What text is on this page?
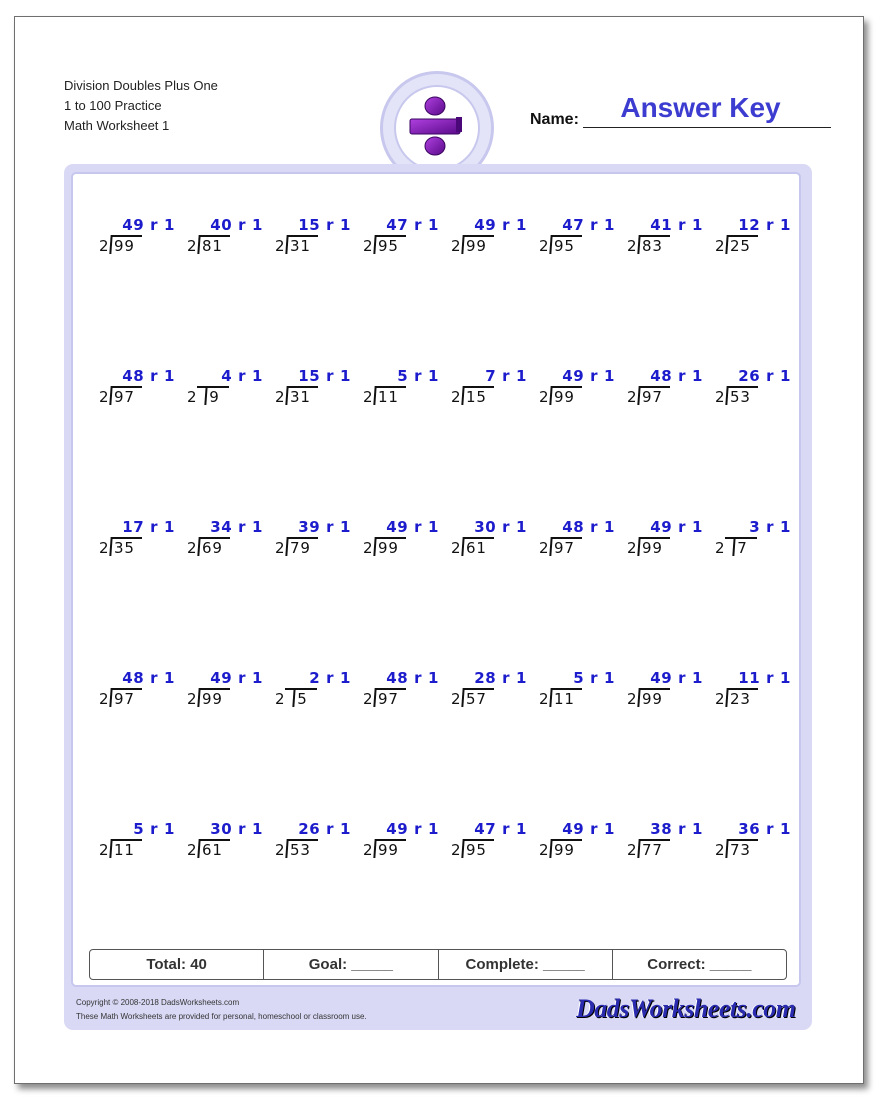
Division Doubles Plus One
1 to 100 Practice
Math Worksheet 1	Name:	Answer Key
49 r 1
2 99
40 r 1
2 81
15 r 1
2 31
47 r 1
2 95
49 r 1
2 99
47 r 1
2 95
41 r 1
2 83
12 r 1
2 25
48 r 1
2 97
4 r 1
2 9
15 r 1
2 31
5 r 1
2 11
7 r 1
2 15
49 r 1
2 99
48 r 1
2 97
26 r 1
2 53
17 r 1
2 35
34 r 1
2 69
39 r 1
2 79
49 r 1
2 99
30 r 1
2 61
48 r 1
2 97
49 r 1
2 99
3 r 1
2 7
48 r 1
2 97
49 r 1
2 99
2 r 1
2 5
48 r 1
2 97
28 r 1
2 57
5 r 1
2 11
49 r 1
2 99
11 r 1
2 23
5 r 1
2 11
30 r 1
2 61
26 r 1
2 53
49 r 1
2 99
47 r 1
2 95
49 r 1
2 99
38 r 1
2 77
36 r 1
2 73
Total: 40	Goal: _____	Complete: _____	Correct: _____
Copyright © 2008-2018 DadsWorksheets.com
These Math Worksheets are provided for personal, homeschool or classroom use.	DadsWorksheets.com
